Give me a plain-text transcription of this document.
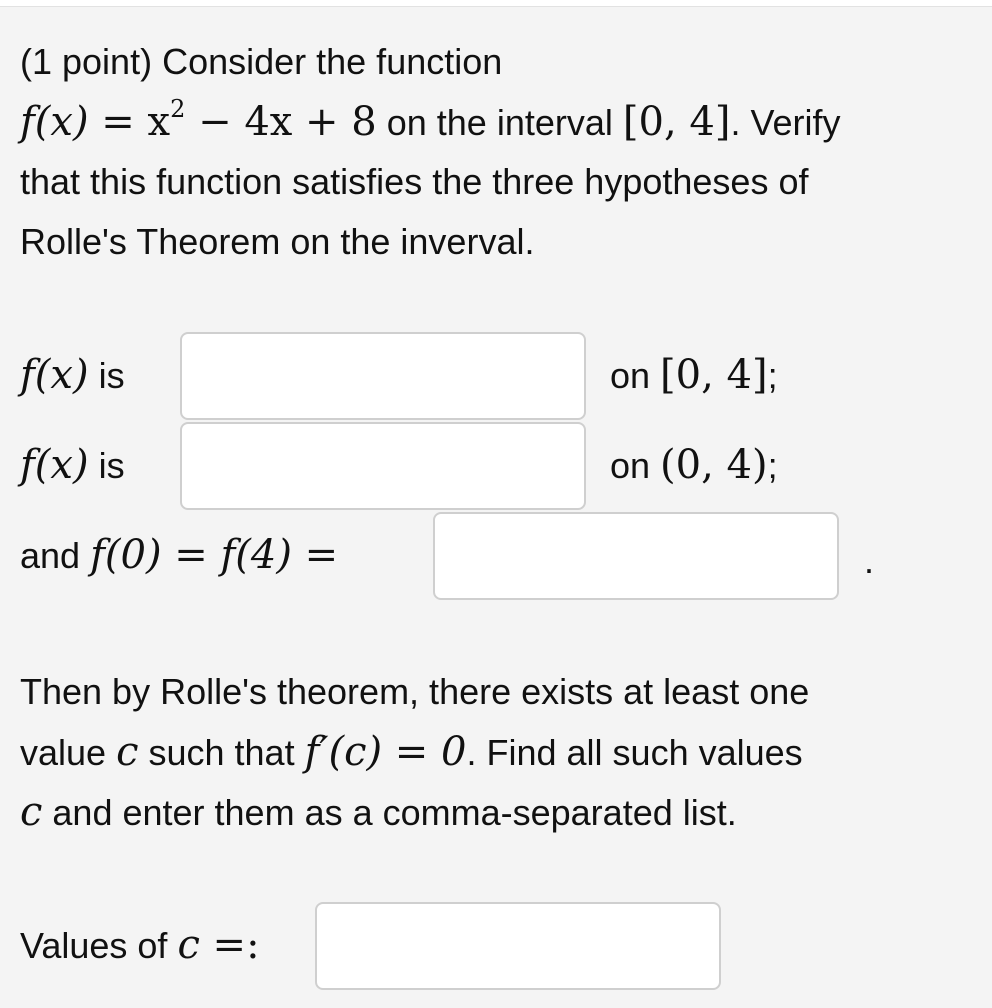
(1 point) Consider the function
$f(x) = x^2 - 4x + 8$ on the interval [0, 4]. Verify
that this function satisfies the three hypotheses of
Rolle's Theorem on the inverval.
f(x) is	on [0, 4];
f(x) is	on (0, 4);
and f(0) = f(4) =	.
Then by Rolle's theorem, there exists at least one
value c such that f′(c) = 0. Find all such values
c and enter them as a comma-separated list.
Values of c =:
